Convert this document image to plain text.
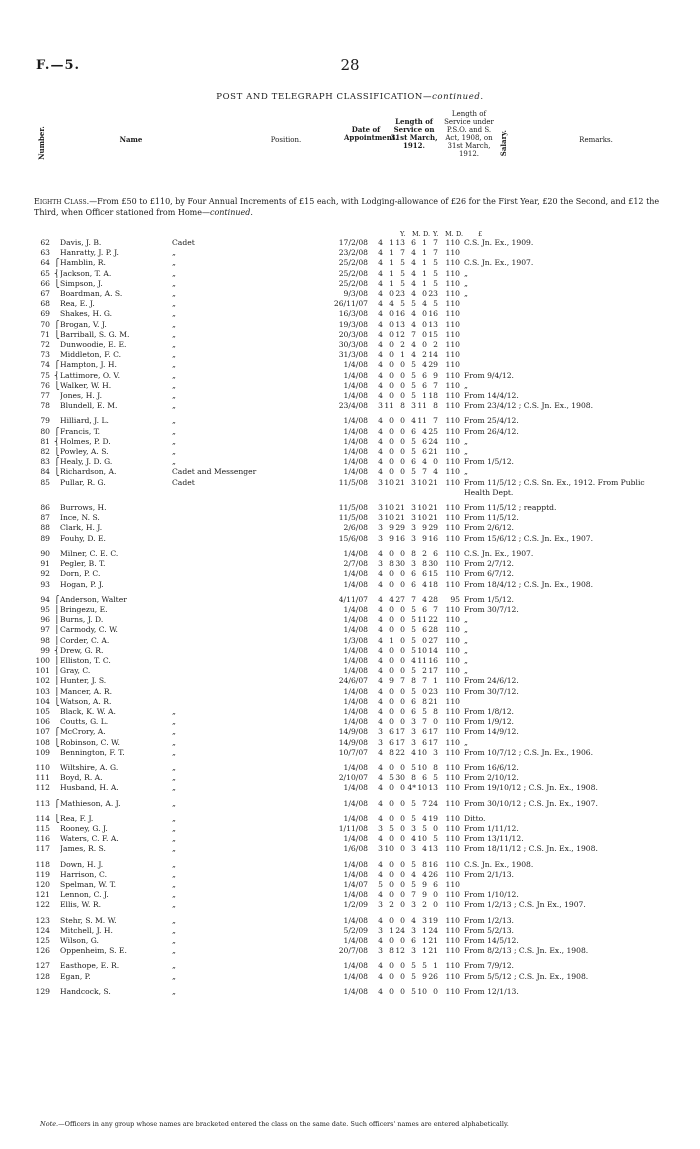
F.—5.	28
POST AND TELEGRAPH CLASSIFICATION—continued.
Number.	Name	Position.
Date of Appointment.
Length of Service on 31st March, 1912.
Length of Service under P.S.O. and S. Act, 1908, on 31st March, 1912.	Salary.	Remarks.
Eighth Class.—From £50 to £110, by Four Annual Increments of £15 each, with Lodging-allowance of £26 for the First Year, £20 the Second, and £12 the Third, when Officer stationed from Home—continued.
Y. M. D. Y. M. D. £
62		Davis, J. B.	Cadet	17/2/08	4	1	13	6	1	7	110	C.S. Jn. Ex., 1909.
63		Hanratty, J. P. J.	„	23/2/08	4	1	7	4	1	7	110	
64	⎧	Hamblin, R.	„	25/2/08	4	1	5	4	1	5	110	C.S. Jn. Ex., 1907.
65	⎨	Jackson, T. A.	„	25/2/08	4	1	5	4	1	5	110	„
66	⎩	Simpson, J.	„	25/2/08	4	1	5	4	1	5	110	„
67		Boardman, A. S.	„	9/3/08	4	0	23	4	0	23	110	„
68		Rea, E. J.	„	26/11/07	4	4	5	5	4	5	110	
69		Shakes, H. G.	„	16/3/08	4	0	16	4	0	16	110	
70	⎧	Brogan, V. J.	„	19/3/08	4	0	13	4	0	13	110	
71	⎩	Barriball, S. G. M.	„	20/3/08	4	0	12	7	0	15	110	
72		Dunwoodie, E. E.	„	30/3/08	4	0	2	4	0	2	110	
73		Middleton, F. C.	„	31/3/08	4	0	1	4	2	14	110	
74	⎧	Hampton, J. H.	„	1/4/08	4	0	0	5	4	29	110	
75	⎨	Lattimore, O. V.	„	1/4/08	4	0	0	5	6	9	110	From 9/4/12.
76	⎩	Walker, W. H.	„	1/4/08	4	0	0	5	6	7	110	„
77		Jones, H. J.	„	1/4/08	4	0	0	5	1	18	110	From 14/4/12.
78		Blundell, E. M.	„	23/4/08	3	11	8	3	11	8	110	From 23/4/12 ; C.S. Jn. Ex., 1908.

79		Hilliard, J. L.	„	1/4/08	4	0	0	4	11	7	110	From 25/4/12.
80	⎧	Francis, T.	„	1/4/08	4	0	0	6	4	25	110	From 26/4/12.
81	⎨	Holmes, P. D.	„	1/4/08	4	0	0	5	6	24	110	„
82	⎩	Powley, A. S.	„	1/4/08	4	0	0	5	6	21	110	„
83	⎧	Healy, J. D. G.	„	1/4/08	4	0	0	6	4	0	110	From 1/5/12.
84	⎩	Richardson, A.	Cadet and Messenger	1/4/08	4	0	0	5	7	4	110	„
85		Pullar, R. G.	Cadet	11/5/08	3	10	21	3	10	21	110	From 11/5/12 ; C.S. Sn. Ex., 1912. From Public Health Dept.

86		Burrows, H.		11/5/08	3	10	21	3	10	21	110	From 11/5/12 ; reapptd.
87		Ince, N. S.		11/5/08	3	10	21	3	10	21	110	From 11/5/12.
88		Clark, H. J.		2/6/08	3	9	29	3	9	29	110	From 2/6/12.
89		Fouhy, D. E.		15/6/08	3	9	16	3	9	16	110	From 15/6/12 ; C.S. Jn. Ex., 1907.

90		Milner, C. E. C.		1/4/08	4	0	0	8	2	6	110	C.S. Jn. Ex., 1907.
91		Pegler, B. T.		2/7/08	3	8	30	3	8	30	110	From 2/7/12.
92		Dorn, P. C.		1/4/08	4	0	0	6	6	15	110	From 6/7/12.
93		Hogan, P. J.		1/4/08	4	0	0	6	4	18	110	From 18/4/12 ; C.S. Jn. Ex., 1908.

94	⎧	Anderson, Walter		4/11/07	4	4	27	7	4	28	95	From 1/5/12.
95	⎪	Bringezu, E.		1/4/08	4	0	0	5	6	7	110	From 30/7/12.
96	⎪	Burns, J. D.		1/4/08	4	0	0	5	11	22	110	„
97	⎪	Carmody, C. W.		1/4/08	4	0	0	5	6	28	110	„
98	⎪	Corder, C. A.		1/3/08	4	1	0	5	0	27	110	„
99	⎨	Drew, G. R.		1/4/08	4	0	0	5	10	14	110	„
100	⎪	Elliston, T. C.		1/4/08	4	0	0	4	11	16	110	„
101	⎪	Gray, C.		1/4/08	4	0	0	5	2	17	110	„
102	⎪	Hunter, J. S.		24/6/07	4	9	7	8	7	1	110	From 24/6/12.
103	⎪	Mancer, A. R.		1/4/08	4	0	0	5	0	23	110	From 30/7/12.
104	⎩	Watson, A. R.		1/4/08	4	0	0	6	8	21	110	
105		Black, K. W. A.	„	1/4/08	4	0	0	6	5	8	110	From 1/8/12.
106		Coutts, G. L.	„	1/4/08	4	0	0	3	7	0	110	From 1/9/12.
107	⎧	McCrory, A.	„	14/9/08	3	6	17	3	6	17	110	From 14/9/12.
108	⎩	Robinson, C. W.	„	14/9/08	3	6	17	3	6	17	110	„
109		Bennington, F. T.	„	10/7/07	4	8	22	4	10	3	110	From 10/7/12 ; C.S. Jn. Ex., 1906.

110		Wiltshire, A. G.	„	1/4/08	4	0	0	5	10	8	110	From 16/6/12.
111		Boyd, R. A.	„	2/10/07	4	5	30	8	6	5	110	From 2/10/12.
112		Husband, H. A.	„	1/4/08	4	0	0	4*	10	13	110	From 19/10/12 ; C.S. Jn. Ex., 1908.

113	⎧	Mathieson, A. J.	„	1/4/08	4	0	0	5	7	24	110	From 30/10/12 ; C.S. Jn. Ex., 1907.

114	⎩	Rea, F. J.	„	1/4/08	4	0	0	5	4	19	110	Ditto.
115		Rooney, G. J.	„	1/11/08	3	5	0	3	5	0	110	From 1/11/12.
116		Waters, C. F. A.	„	1/4/08	4	0	0	4	10	5	110	From 13/11/12.
117		James, R. S.	„	1/6/08	3	10	0	3	4	13	110	From 18/11/12 ; C.S. Jn. Ex., 1908.

118		Down, H. J.	„	1/4/08	4	0	0	5	8	16	110	C.S. Jn. Ex., 1908.
119		Harrison, C.	„	1/4/08	4	0	0	4	4	26	110	From 2/1/13.
120		Spelman, W. T.	„	1/4/07	5	0	0	5	9	6	110	
121		Lennon, C. J.	„	1/4/08	4	0	0	7	9	0	110	From 1/10/12.
122		Ellis, W. R.	„	1/2/09	3	2	0	3	2	0	110	From 1/2/13 ; C.S. Jn Ex., 1907.

123		Stehr, S. M. W.	„	1/4/08	4	0	0	4	3	19	110	From 1/2/13.
124		Mitchell, J. H.	„	5/2/09	3	1	24	3	1	24	110	From 5/2/13.
125		Wilson, G.	„	1/4/08	4	0	0	6	1	21	110	From 14/5/12.
126		Oppenheim, S. E.	„	20/7/08	3	8	12	3	1	21	110	From 8/2/13 ; C.S. Jn. Ex., 1908.

127		Easthope, E. R.	„	1/4/08	4	0	0	5	5	1	110	From 7/9/12.
128		Egan, P.	„	1/4/08	4	0	0	5	9	26	110	From 5/5/12 ; C.S. Jn. Ex., 1908.

129		Handcock, S.	„	1/4/08	4	0	0	5	10	0	110	From 12/1/13.
Note.—Officers in any group whose names are bracketed entered the class on the same date. Such officers' names are entered alphabetically.
